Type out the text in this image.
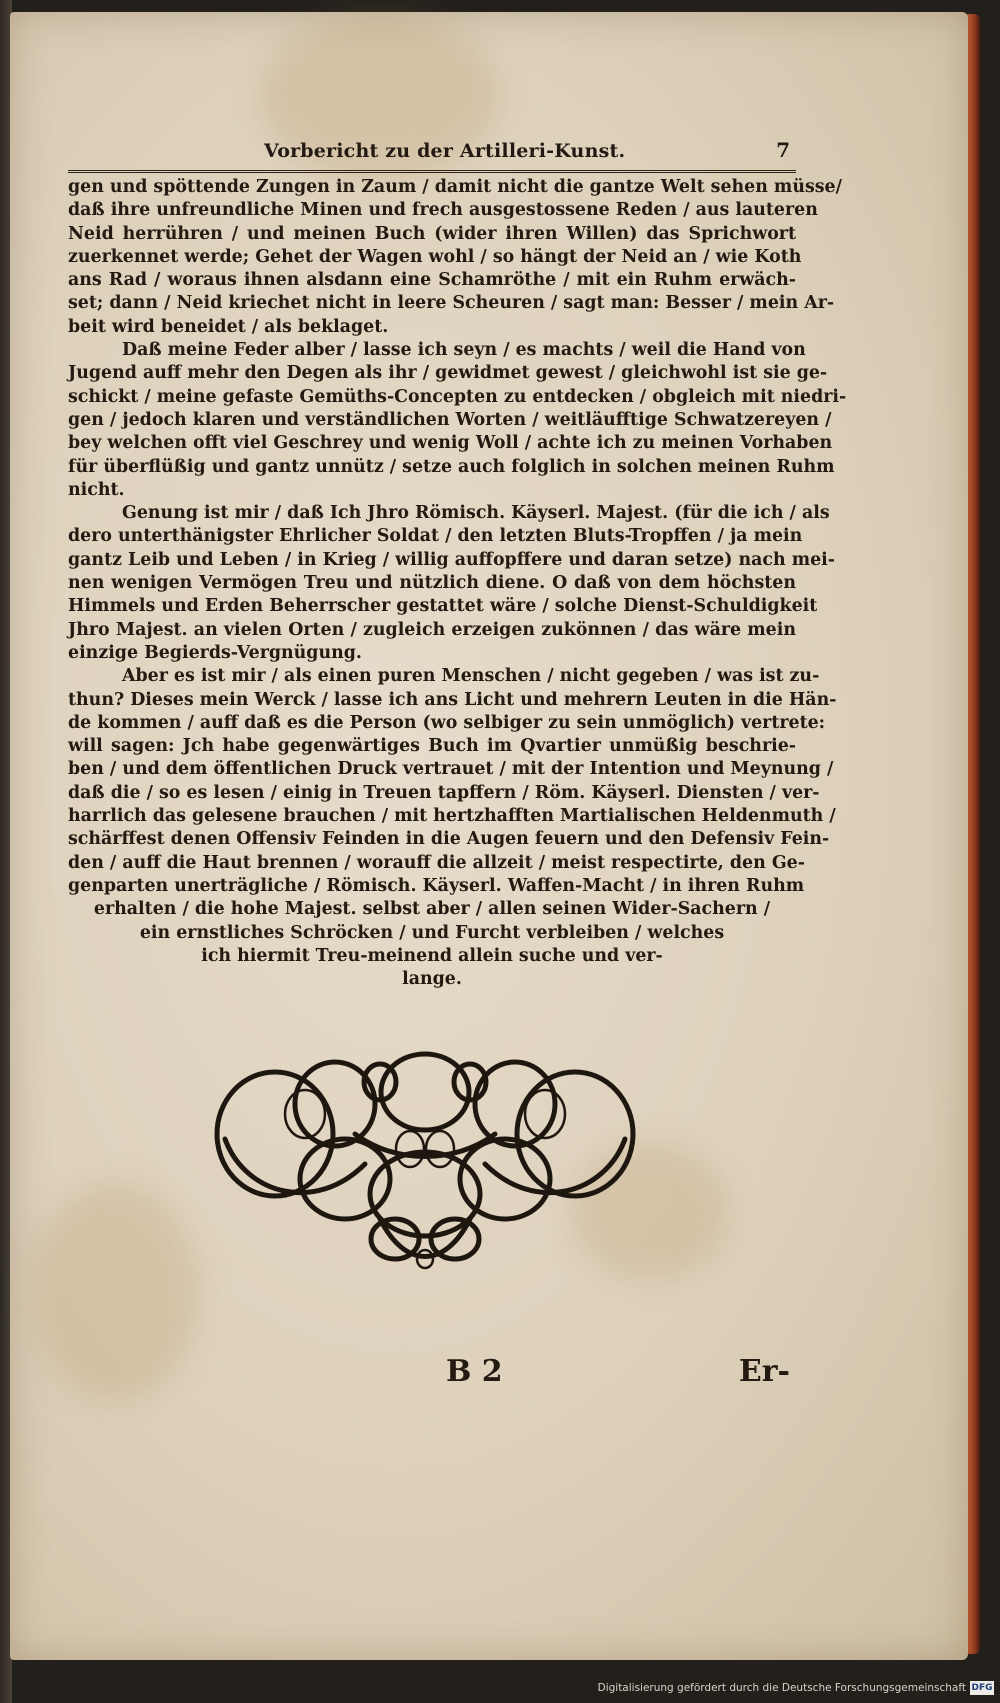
Vorbericht zu der Artilleri-Kunst.	7
gen und spöttende Zungen in Zaum / damit nicht die gantze Welt sehen müsse/
daß ihre unfreundliche Minen und frech ausgestossene Reden / aus lauteren
Neid herrühren / und meinen Buch (wider ihren Willen) das Sprichwort
zuerkennet werde; Gehet der Wagen wohl / so hängt der Neid an / wie Koth
ans Rad / woraus ihnen alsdann eine Schamröthe / mit ein Ruhm erwäch-
set; dann / Neid kriechet nicht in leere Scheuren / sagt man: Besser / mein Ar-
beit wird beneidet / als beklaget.
Daß meine Feder alber / lasse ich seyn / es machts / weil die Hand von
Jugend auff mehr den Degen als ihr / gewidmet gewest / gleichwohl ist sie ge-
schickt / meine gefaste Gemüths-Concepten zu entdecken / obgleich mit niedri-
gen / jedoch klaren und verständlichen Worten / weitläufftige Schwatzereyen /
bey welchen offt viel Geschrey und wenig Woll / achte ich zu meinen Vorhaben
für überflüßig und gantz unnütz / setze auch folglich in solchen meinen Ruhm
nicht.
Genung ist mir / daß Ich Jhro Römisch. Käyserl. Majest. (für die ich / als
dero unterthänigster Ehrlicher Soldat / den letzten Bluts-Tropffen / ja mein
gantz Leib und Leben / in Krieg / willig auffopffere und daran setze) nach mei-
nen wenigen Vermögen Treu und nützlich diene. O daß von dem höchsten
Himmels und Erden Beherrscher gestattet wäre / solche Dienst-Schuldigkeit
Jhro Majest. an vielen Orten / zugleich erzeigen zukönnen / das wäre mein
einzige Begierds-Vergnügung.
Aber es ist mir / als einen puren Menschen / nicht gegeben / was ist zu-
thun? Dieses mein Werck / lasse ich ans Licht und mehrern Leuten in die Hän-
de kommen / auff daß es die Person (wo selbiger zu sein unmöglich) vertrete:
will sagen: Jch habe gegenwärtiges Buch im Qvartier unmüßig beschrie-
ben / und dem öffentlichen Druck vertrauet / mit der Intention und Meynung /
daß die / so es lesen / einig in Treuen tapffern / Röm. Käyserl. Diensten / ver-
harrlich das gelesene brauchen / mit hertzhafften Martialischen Heldenmuth /
schärffest denen Offensiv Feinden in die Augen feuern und den Defensiv Fein-
den / auff die Haut brennen / worauff die allzeit / meist respectirte, den Ge-
genparten unerträgliche / Römisch. Käyserl. Waffen-Macht / in ihren Ruhm
erhalten / die hohe Majest. selbst aber / allen seinen Wider-Sachern /
ein ernstliches Schröcken / und Furcht verbleiben / welches
ich hiermit Treu-meinend allein suche und ver-
lange.
B 2	Er-
Digitalisierung gefördert durch die Deutsche Forschungsgemeinschaft DFG
